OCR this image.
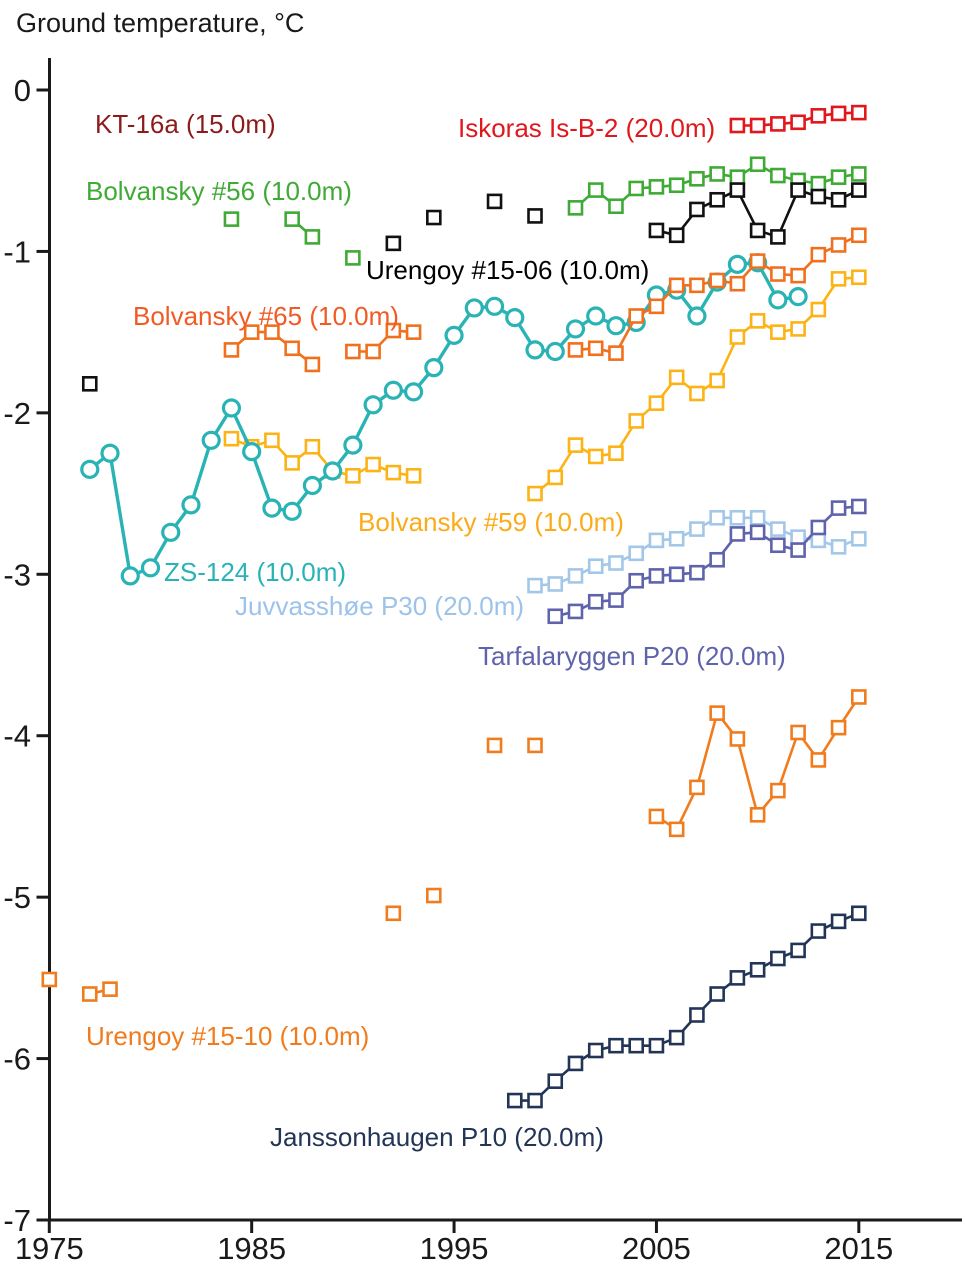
Ground temperature, °C
0
-1
-2
-3
-4
-5
-6
-7
1975	1985	1995	2005	2015
Janssonhaugen P10 (20.0m)
Juvvasshøe P30 (20.0m)
Tarfalaryggen P20 (20.0m)
Bolvansky #59 (10.0m)
ZS-124 (10.0m)
Bolvansky #65 (10.0m)
Urengoy #15-10 (10.0m)
KT-16a (15.0m)
Bolvansky #56 (10.0m)
Urengoy #15-06 (10.0m)
Iskoras Is-B-2 (20.0m)
